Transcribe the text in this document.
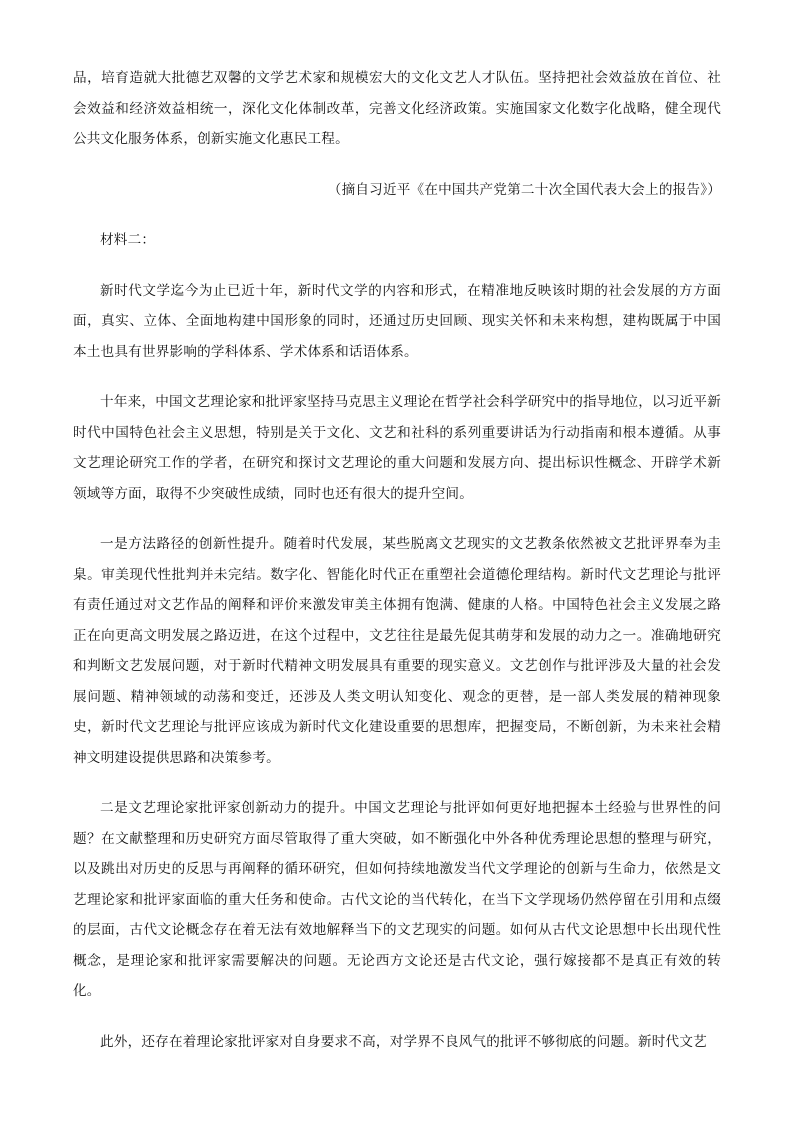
品，培育造就大批德艺双馨的文学艺术家和规模宏大的文化文艺人才队伍。坚持把社会效益放在首位、社会效益和经济效益相统一，深化文化体制改革，完善文化经济政策。实施国家文化数字化战略，健全现代公共文化服务体系，创新实施文化惠民工程。

（摘自习近平《在中国共产党第二十次全国代表大会上的报告》）

材料二：

新时代文学迄今为止已近十年，新时代文学的内容和形式，在精准地反映该时期的社会发展的方方面面，真实、立体、全面地构建中国形象的同时，还通过历史回顾、现实关怀和未来构想，建构既属于中国本土也具有世界影响的学科体系、学术体系和话语体系。

十年来，中国文艺理论家和批评家坚持马克思主义理论在哲学社会科学研究中的指导地位，以习近平新时代中国特色社会主义思想，特别是关于文化、文艺和社科的系列重要讲话为行动指南和根本遵循。从事文艺理论研究工作的学者，在研究和探讨文艺理论的重大问题和发展方向、提出标识性概念、开辟学术新领域等方面，取得不少突破性成绩，同时也还有很大的提升空间。

一是方法路径的创新性提升。随着时代发展，某些脱离文艺现实的文艺教条依然被文艺批评界奉为圭臬。审美现代性批判并未完结。数字化、智能化时代正在重塑社会道德伦理结构。新时代文艺理论与批评有责任通过对文艺作品的阐释和评价来激发审美主体拥有饱满、健康的人格。中国特色社会主义发展之路正在向更高文明发展之路迈进，在这个过程中，文艺往往是最先促其萌芽和发展的动力之一。准确地研究和判断文艺发展问题，对于新时代精神文明发展具有重要的现实意义。文艺创作与批评涉及大量的社会发展问题、精神领域的动荡和变迁，还涉及人类文明认知变化、观念的更替，是一部人类发展的精神现象史，新时代文艺理论与批评应该成为新时代文化建设重要的思想库，把握变局，不断创新，为未来社会精神文明建设提供思路和决策参考。

二是文艺理论家批评家创新动力的提升。中国文艺理论与批评如何更好地把握本土经验与世界性的问题？在文献整理和历史研究方面尽管取得了重大突破，如不断强化中外各种优秀理论思想的整理与研究，以及跳出对历史的反思与再阐释的循环研究，但如何持续地激发当代文学理论的创新与生命力，依然是文艺理论家和批评家面临的重大任务和使命。古代文论的当代转化，在当下文学现场仍然停留在引用和点缀的层面，古代文论概念存在着无法有效地解释当下的文艺现实的问题。如何从古代文论思想中长出现代性概念，是理论家和批评家需要解决的问题。无论西方文论还是古代文论，强行嫁接都不是真正有效的转化。

此外，还存在着理论家批评家对自身要求不高，对学界不良风气的批评不够彻底的问题。新时代文艺
